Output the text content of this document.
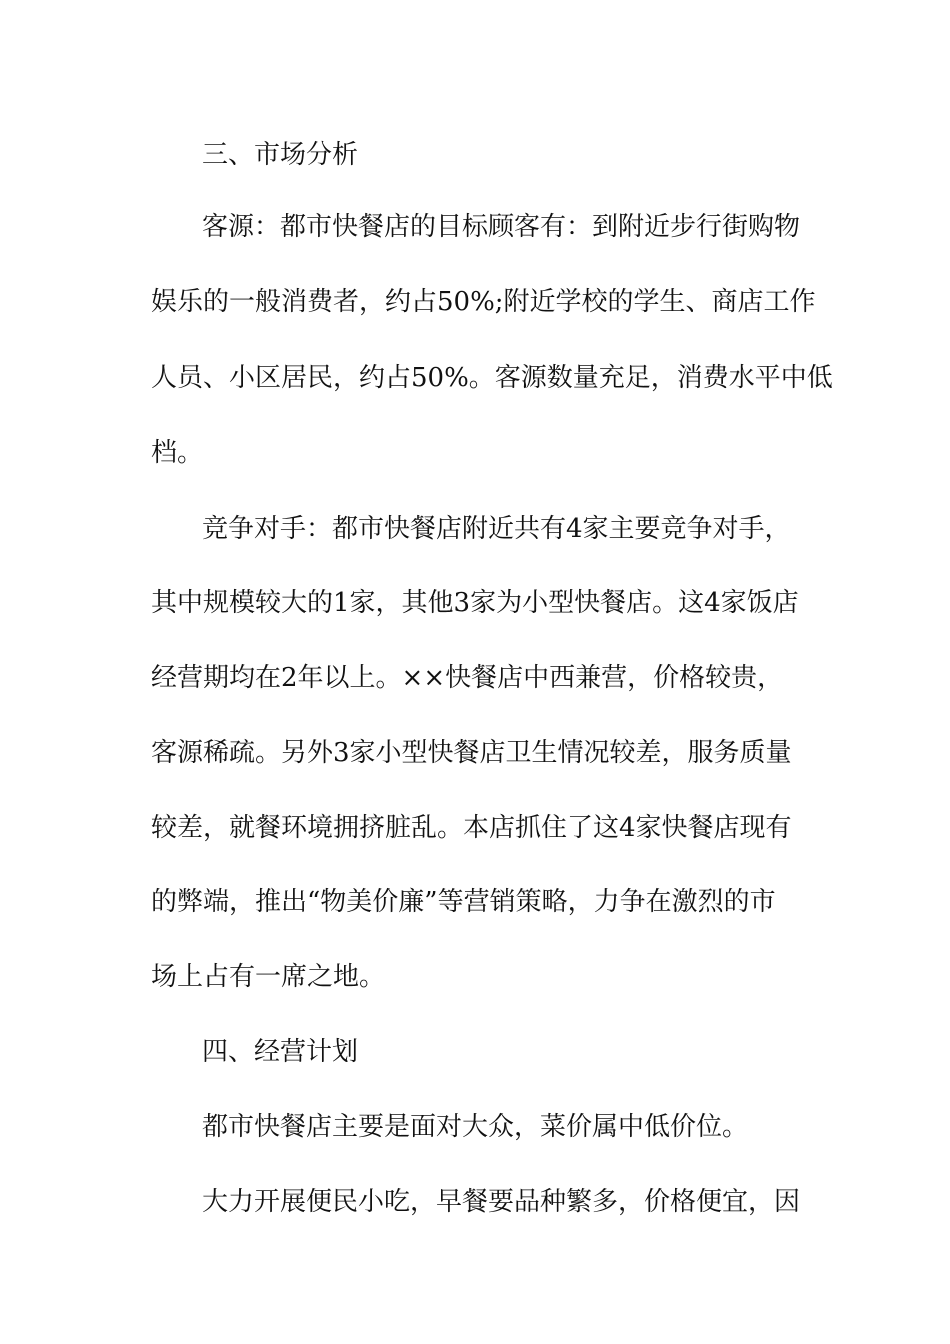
三、市场分析

客源：都市快餐店的目标顾客有：到附近步行街购物

娱乐的一般消费者，约占50%;附近学校的学生、商店工作

人员、小区居民，约占50%。客源数量充足，消费水平中低

档。

竞争对手：都市快餐店附近共有4家主要竞争对手，

其中规模较大的1家，其他3家为小型快餐店。这4家饭店

经营期均在2年以上。××快餐店中西兼营，价格较贵，

客源稀疏。另外3家小型快餐店卫生情况较差，服务质量

较差，就餐环境拥挤脏乱。本店抓住了这4家快餐店现有

的弊端，推出“物美价廉”等营销策略，力争在激烈的市

场上占有一席之地。

四、经营计划

都市快餐店主要是面对大众，菜价属中低价位。

大力开展便民小吃，早餐要品种繁多，价格便宜，因
